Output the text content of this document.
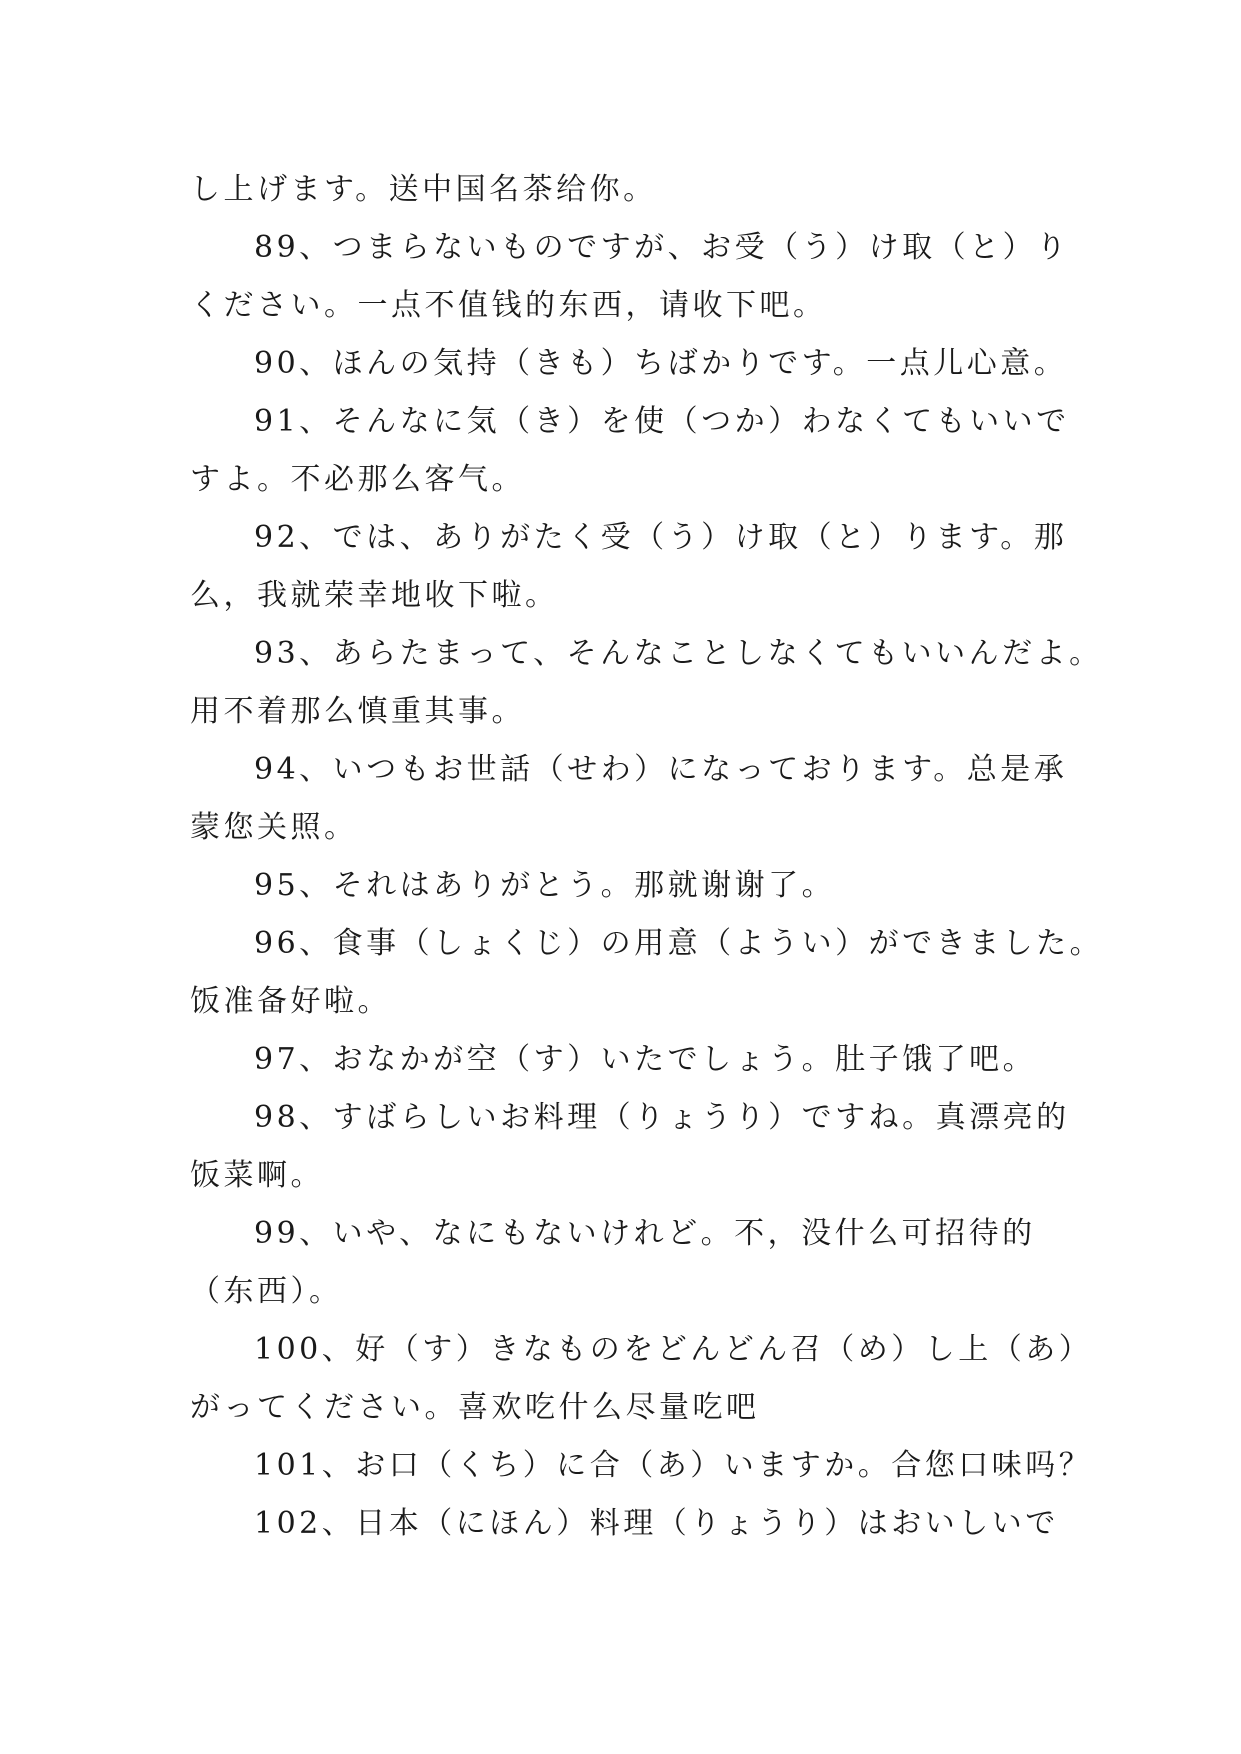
し上げます。送中国名茶给你。
89、つまらないものですが、お受（う）け取（と）り
ください。一点不值钱的东西，请收下吧。
90、ほんの気持（きも）ちばかりです。一点儿心意。
91、そんなに気（き）を使（つか）わなくてもいいで
すよ。不必那么客气。
92、では、ありがたく受（う）け取（と）ります。那
么，我就荣幸地收下啦。
93、あらたまって、そんなことしなくてもいいんだよ。
用不着那么慎重其事。
94、いつもお世話（せわ）になっております。总是承
蒙您关照。
95、それはありがとう。那就谢谢了。
96、食事（しょくじ）の用意（ようい）ができました。
饭准备好啦。
97、おなかが空（す）いたでしょう。肚子饿了吧。
98、すばらしいお料理（りょうり）ですね。真漂亮的
饭菜啊。
99、いや、なにもないけれど。不，没什么可招待的
（东西）。
100、好（す）きなものをどんどん召（め）し上（あ）
がってください。喜欢吃什么尽量吃吧
101、お口（くち）に合（あ）いますか。合您口味吗？
102、日本（にほん）料理（りょうり）はおいしいで
